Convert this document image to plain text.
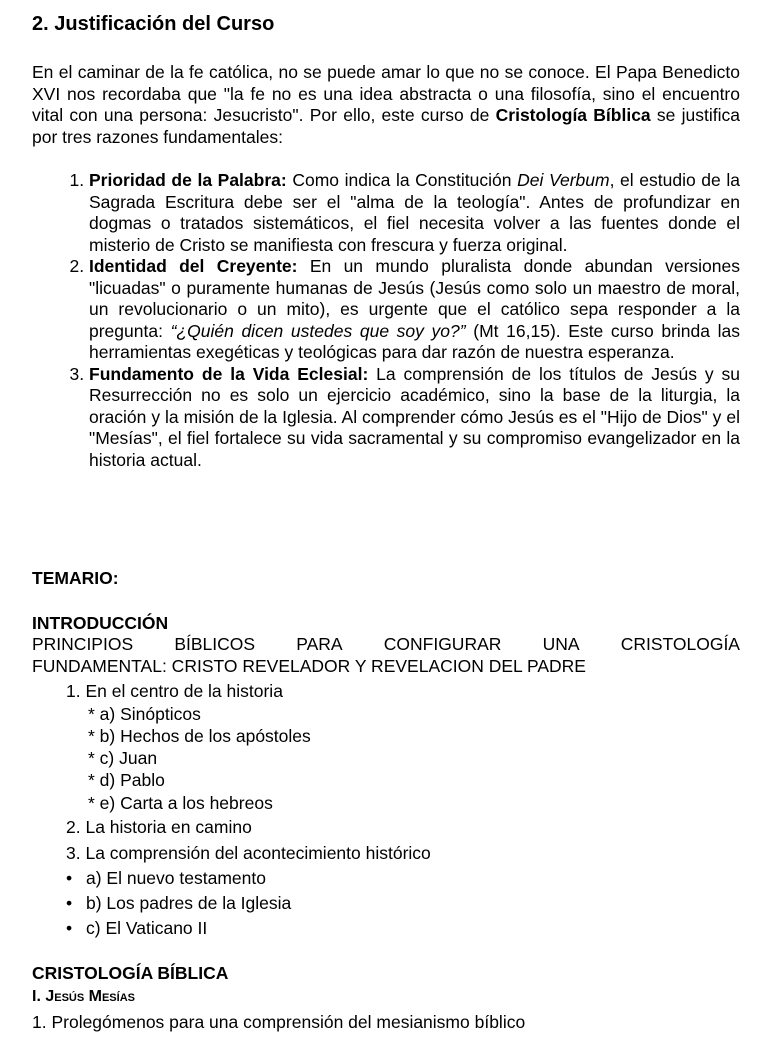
2. Justificación del Curso

En el caminar de la fe católica, no se puede amar lo que no se conoce. El Papa Benedicto XVI nos recordaba que "la fe no es una idea abstracta o una filosofía, sino el encuentro vital con una persona: Jesucristo". Por ello, este curso de Cristología Bíblica se justifica por tres razones fundamentales:

1. Prioridad de la Palabra: Como indica la Constitución Dei Verbum, el estudio de la Sagrada Escritura debe ser el "alma de la teología". Antes de profundizar en dogmas o tratados sistemáticos, el fiel necesita volver a las fuentes donde el misterio de Cristo se manifiesta con frescura y fuerza original.
2. Identidad del Creyente: En un mundo pluralista donde abundan versiones "licuadas" o puramente humanas de Jesús (Jesús como solo un maestro de moral, un revolucionario o un mito), es urgente que el católico sepa responder a la pregunta: “¿Quién dicen ustedes que soy yo?” (Mt 16,15). Este curso brinda las herramientas exegéticas y teológicas para dar razón de nuestra esperanza.
3. Fundamento de la Vida Eclesial: La comprensión de los títulos de Jesús y su Resurrección no es solo un ejercicio académico, sino la base de la liturgia, la oración y la misión de la Iglesia. Al comprender cómo Jesús es el "Hijo de Dios" y el "Mesías", el fiel fortalece su vida sacramental y su compromiso evangelizador en la historia actual.

TEMARIO:

INTRODUCCIÓN

PRINCIPIOS BÍBLICOS PARA CONFIGURAR UNA CRISTOLOGÍA
FUNDAMENTAL: CRISTO REVELADOR Y REVELACION DEL PADRE

1. En el centro de la historia

* a) Sinópticos

* b) Hechos de los apóstoles

* c) Juan

* d) Pablo

* e) Carta a los hebreos

2. La historia en camino

3. La comprensión del acontecimiento histórico

• a) El nuevo testamento

• b) Los padres de la Iglesia

• c) El Vaticano II

CRISTOLOGÍA BÍBLICA

I. Jesús Mesías

1. Prolegómenos para una comprensión del mesianismo bíblico
